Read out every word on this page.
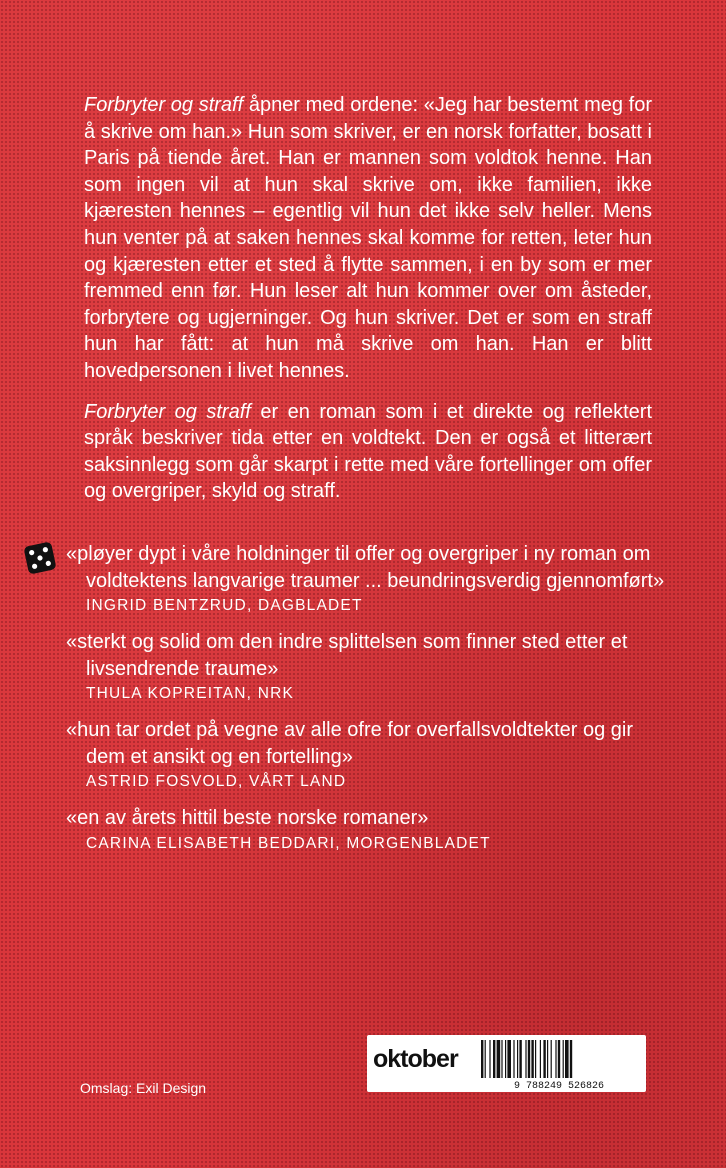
Forbryter og straff åpner med ordene: «Jeg har bestemt meg for å skrive om han.» Hun som skriver, er en norsk forfatter, bosatt i Paris på tiende året. Han er mannen som voldtok henne. Han som ingen vil at hun skal skrive om, ikke familien, ikke kjæresten hennes – egentlig vil hun det ikke selv heller. Mens hun venter på at saken hennes skal komme for retten, leter hun og kjæresten etter et sted å flytte sammen, i en by som er mer fremmed enn før. Hun leser alt hun kommer over om åsteder, forbrytere og ugjerninger. Og hun skriver. Det er som en straff hun har fått: at hun må skrive om han. Han er blitt hovedpersonen i livet hennes.

Forbryter og straff er en roman som i et direkte og reflektert språk beskriver tida etter en voldtekt. Den er også et litterært saksinnlegg som går skarpt i rette med våre fortellinger om offer og overgriper, skyld og straff.

«pløyer dypt i våre holdninger til offer og overgriper i ny roman om voldtektens langvarige traumer ... beundringsverdig gjennomført»
INGRID BENTZRUD, DAGBLADET
«sterkt og solid om den indre splittelsen som finner sted etter et livsendrende traume»
THULA KOPREITAN, NRK
«hun tar ordet på vegne av alle ofre for overfallsvoldtekter og gir dem et ansikt og en fortelling»
ASTRID FOSVOLD, VÅRT LAND
«en av årets hittil beste norske romaner»
CARINA ELISABETH BEDDARI, MORGENBLADET
Omslag: Exil Design
oktober
9 788249 526826
